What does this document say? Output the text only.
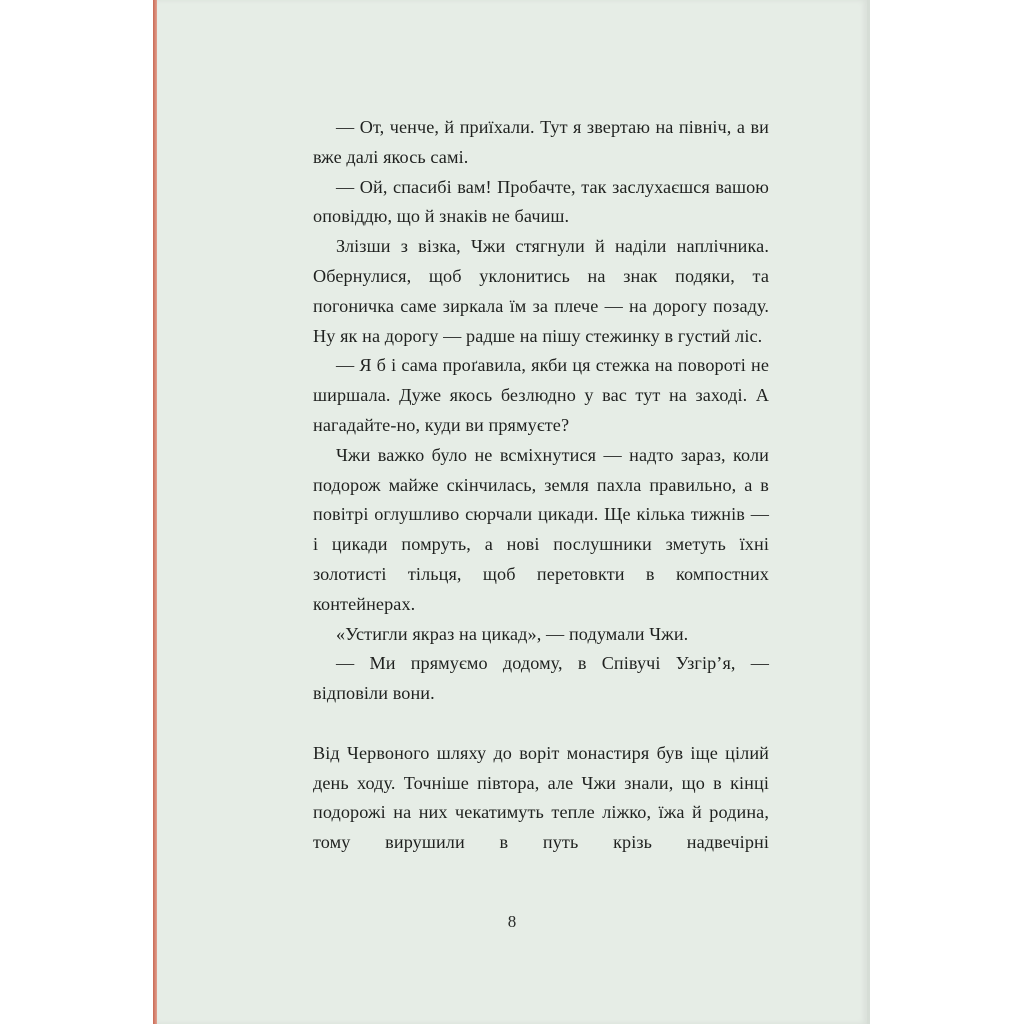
— От, ченче, й приїхали. Тут я звертаю на північ, а ви вже далі якось самі.

— Ой, спасибі вам! Пробачте, так заслухаєшся вашою оповіддю, що й знаків не бачиш.

Злізши з візка, Чжи стягнули й наділи наплічника. Обернулися, щоб уклонитись на знак подяки, та погоничка саме зиркала їм за плече — на дорогу позаду. Ну як на дорогу — радше на пішу стежинку в густий ліс.

— Я б і сама проґавила, якби ця стежка на повороті не ширшала. Дуже якось безлюдно у вас тут на заході. А нагадайте-но, куди ви прямуєте?

Чжи важко було не всміхнутися — надто зараз, коли подорож майже скінчилась, земля пахла правильно, а в повітрі оглушливо сюрчали цикади. Ще кілька тижнів — і цикади помруть, а нові послушники зметуть їхні золотисті тільця, щоб перетовкти в компостних контейнерах.

«Устигли якраз на цикад», — подумали Чжи.

— Ми прямуємо додому, в Співучі Узгір’я, — відповіли вони.

Від Червоного шляху до воріт монастиря був іще цілий день ходу. Точніше півтора, але Чжи знали, що в кінці подорожі на них чекатимуть тепле ліжко, їжа й родина, тому вирушили в путь крізь надвечірні

8
